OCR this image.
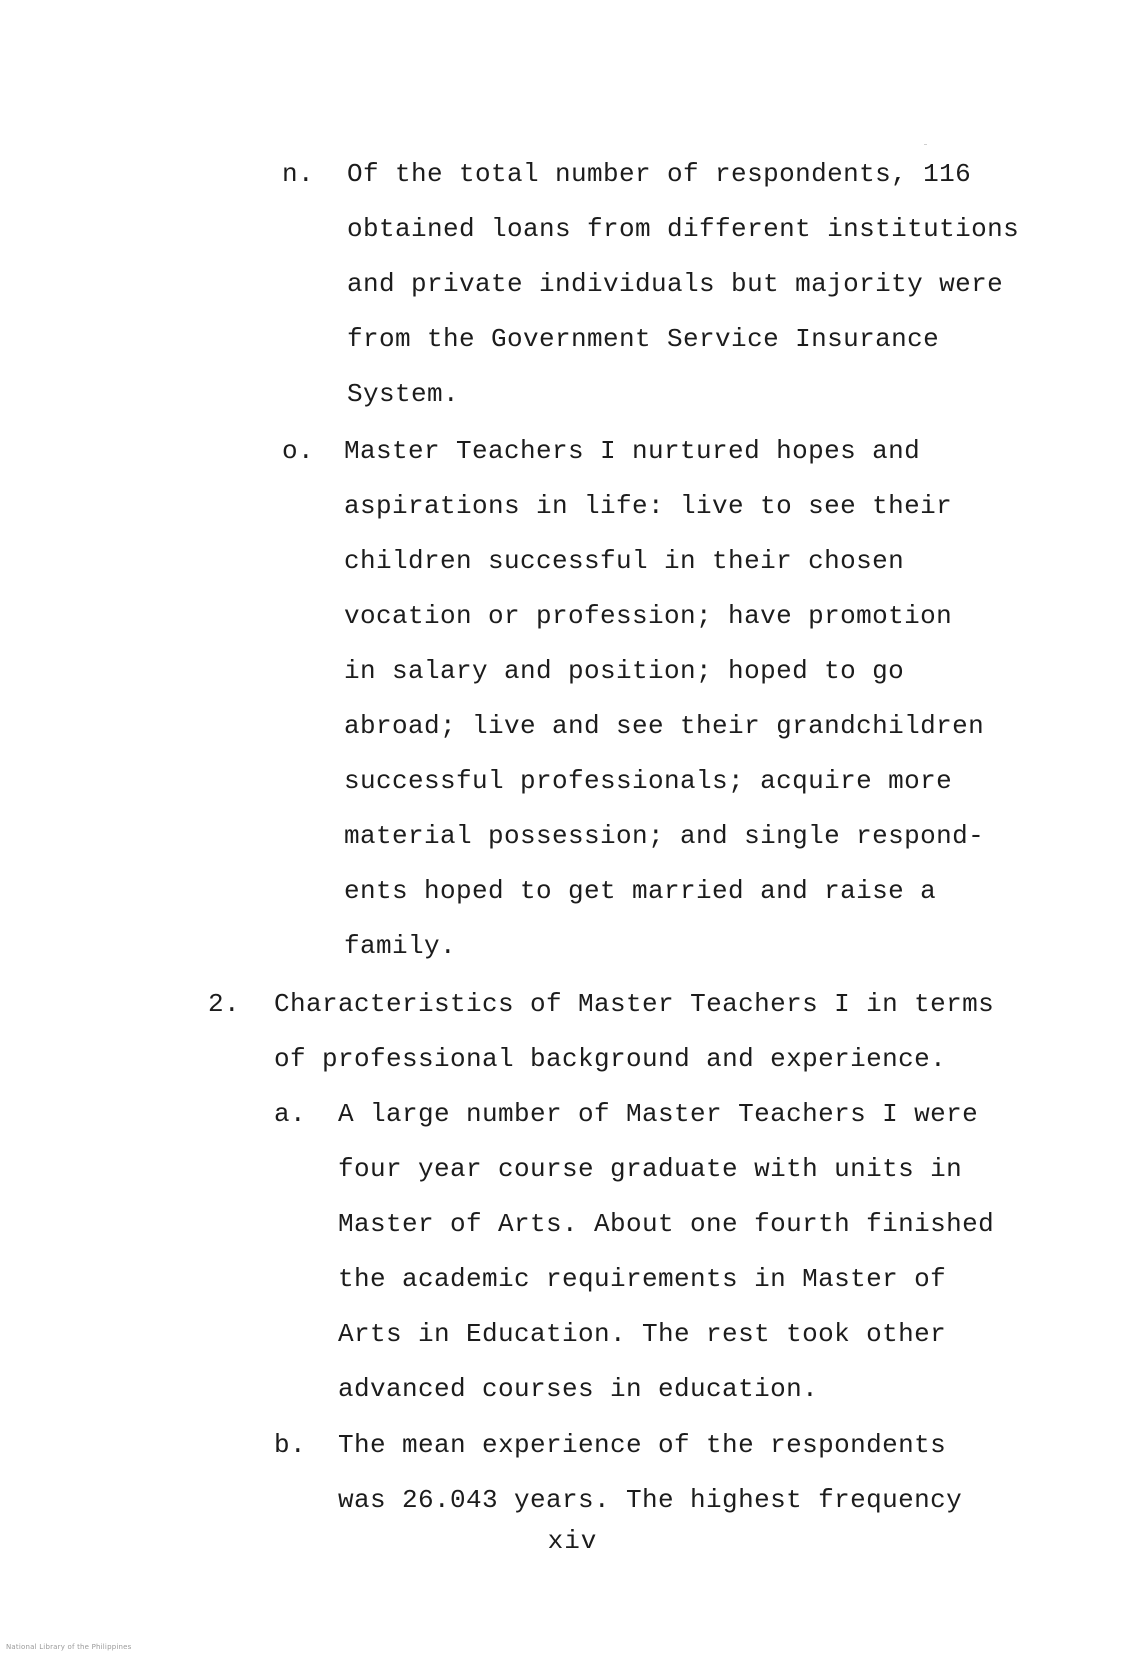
n. Of the total number of respondents, 116
obtained loans from different institutions
and private individuals but majority were
from the Government Service Insurance
System.
o. Master Teachers I nurtured hopes and
aspirations in life: live to see their
children successful in their chosen
vocation or profession; have promotion
in salary and position; hoped to go
abroad; live and see their grandchildren
successful professionals; acquire more
material possession; and single respond-
ents hoped to get married and raise a
family.
2. Characteristics of Master Teachers I in terms
of professional background and experience.
a. A large number of Master Teachers I were
four year course graduate with units in
Master of Arts. About one fourth finished
the academic requirements in Master of
Arts in Education. The rest took other
advanced courses in education.
b. The mean experience of the respondents
was 26.043 years. The highest frequency
xiv
National Library of the Philippines
